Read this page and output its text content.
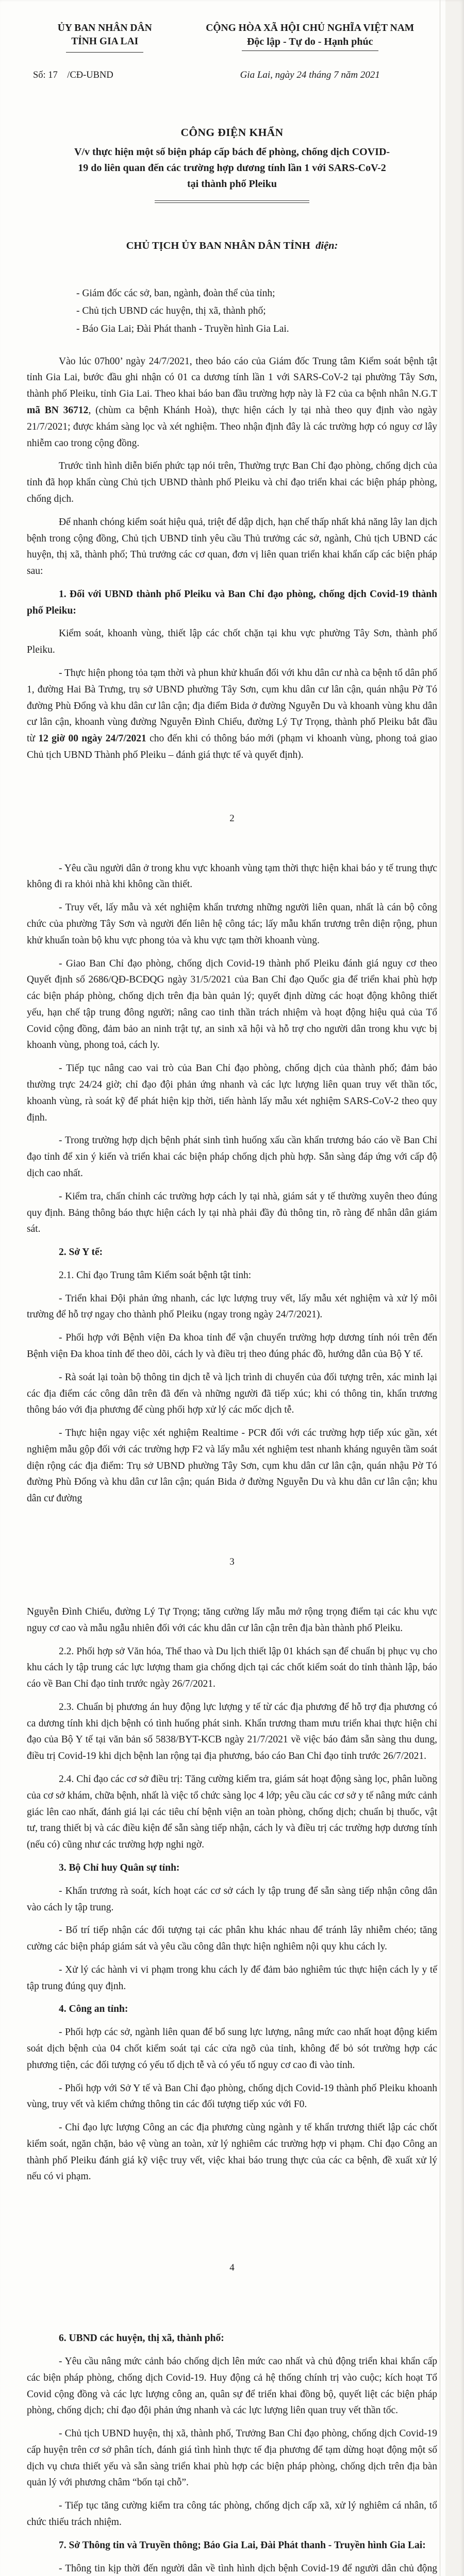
ỦY BAN NHÂN DÂN
TỈNH GIA LAI
Số: 17    /CĐ-UBND
CỘNG HÒA XÃ HỘI CHỦ NGHĨA VIỆT NAM
Độc lập - Tự do - Hạnh phúc
Gia Lai, ngày 24 tháng 7 năm 2021
CÔNG ĐIỆN KHẨN
V/v thực hiện một số biện pháp cấp bách để phòng, chống dịch COVID-19 do liên quan đến các trường hợp dương tính lần 1 với SARS-CoV-2 tại thành phố Pleiku
CHỦ TỊCH ỦY BAN NHÂN DÂN TỈNH điện:
- Giám đốc các sở, ban, ngành, đoàn thể của tỉnh;
- Chủ tịch UBND các huyện, thị xã, thành phố;
- Báo Gia Lai; Đài Phát thanh - Truyền hình Gia Lai.
Vào lúc 07h00’ ngày 24/7/2021, theo báo cáo của Giám đốc Trung tâm Kiểm soát bệnh tật tỉnh Gia Lai, bước đầu ghi nhận có 01 ca dương tính lần 1 với SARS-CoV-2 tại phường Tây Sơn, thành phố Pleiku, tỉnh Gia Lai. Theo khai báo ban đầu trường hợp này là F2 của ca bệnh nhân N.G.T mã BN 36712, (chùm ca bệnh Khánh Hoà), thực hiện cách ly tại nhà theo quy định vào ngày 21/7/2021; được khám sàng lọc và xét nghiệm. Theo nhận định đây là các trường hợp có nguy cơ lây nhiễm cao trong cộng đồng.
Trước tình hình diễn biến phức tạp nói trên, Thường trực Ban Chỉ đạo phòng, chống dịch của tỉnh đã họp khẩn cùng Chủ tịch UBND thành phố Pleiku và chỉ đạo triển khai các biện pháp phòng, chống dịch.
Để nhanh chóng kiểm soát hiệu quả, triệt để dập dịch, hạn chế thấp nhất khả năng lây lan dịch bệnh trong cộng đồng, Chủ tịch UBND tỉnh yêu cầu Thủ trưởng các sở, ngành, Chủ tịch UBND các huyện, thị xã, thành phố; Thủ trưởng các cơ quan, đơn vị liên quan triển khai khẩn cấp các biện pháp sau:
1. Đối với UBND thành phố Pleiku và Ban Chỉ đạo phòng, chống dịch Covid-19 thành phố Pleiku:
Kiểm soát, khoanh vùng, thiết lập các chốt chặn tại khu vực phường Tây Sơn, thành phố Pleiku.
- Thực hiện phong tỏa tạm thời và phun khử khuẩn đối với khu dân cư nhà ca bệnh tổ dân phố 1, đường Hai Bà Trưng, trụ sở UBND phường Tây Sơn, cụm khu dân cư lân cận, quán nhậu Pờ Tó đường Phù Đổng và khu dân cư lân cận; địa điểm Bida ở đường Nguyễn Du và khoanh vùng khu dân cư lân cận, khoanh vùng đường Nguyễn Đình Chiểu, đường Lý Tự Trọng, thành phố Pleiku bắt đầu từ 12 giờ 00 ngày 24/7/2021 cho đến khi có thông báo mới (phạm vi khoanh vùng, phong toả giao Chủ tịch UBND Thành phố Pleiku – đánh giá thực tế và quyết định).
2
- Yêu cầu người dân ở trong khu vực khoanh vùng tạm thời thực hiện khai báo y tế trung thực không đi ra khỏi nhà khi không cần thiết.
- Truy vết, lấy mẫu và xét nghiệm khẩn trương những người liên quan, nhất là cán bộ công chức của phường Tây Sơn và người đến liên hệ công tác; lấy mẫu khẩn trương trên diện rộng, phun khử khuẩn toàn bộ khu vực phong tỏa và khu vực tạm thời khoanh vùng.
- Giao Ban Chỉ đạo phòng, chống dịch Covid-19 thành phố Pleiku đánh giá nguy cơ theo Quyết định số 2686/QĐ-BCĐQG ngày 31/5/2021 của Ban Chỉ đạo Quốc gia để triển khai phù hợp các biện pháp phòng, chống dịch trên địa bàn quản lý; quyết định dừng các hoạt động không thiết yếu, hạn chế tập trung đông người; nâng cao tinh thần trách nhiệm và hoạt động hiệu quả của Tổ Covid cộng đồng, đảm bảo an ninh trật tự, an sinh xã hội và hỗ trợ cho người dân trong khu vực bị khoanh vùng, phong toả, cách ly.
- Tiếp tục nâng cao vai trò của Ban Chỉ đạo phòng, chống dịch của thành phố; đảm bảo thường trực 24/24 giờ; chỉ đạo đội phản ứng nhanh và các lực lượng liên quan truy vết thần tốc, khoanh vùng, rà soát kỹ để phát hiện kịp thời, tiến hành lấy mẫu xét nghiệm SARS-CoV-2 theo quy định.
- Trong trường hợp dịch bệnh phát sinh tình huống xấu cần khẩn trương báo cáo về Ban Chỉ đạo tỉnh để xin ý kiến và triển khai các biện pháp chống dịch phù hợp. Sẵn sàng đáp ứng với cấp độ dịch cao nhất.
- Kiểm tra, chấn chỉnh các trường hợp cách ly tại nhà, giám sát y tế thường xuyên theo đúng quy định. Bảng thông báo thực hiện cách ly tại nhà phải đầy đủ thông tin, rõ ràng để nhân dân giám sát.
2. Sở Y tế:
2.1. Chỉ đạo Trung tâm Kiểm soát bệnh tật tỉnh:
- Triển khai Đội phản ứng nhanh, các lực lượng truy vết, lấy mẫu xét nghiệm và xử lý môi trường để hỗ trợ ngay cho thành phố Pleiku (ngay trong ngày 24/7/2021).
- Phối hợp với Bệnh viện Đa khoa tỉnh để vận chuyển trường hợp dương tính nói trên đến Bệnh viện Đa khoa tỉnh để theo dõi, cách ly và điều trị theo đúng phác đồ, hướng dẫn của Bộ Y tế.
- Rà soát lại toàn bộ thông tin dịch tễ và lịch trình di chuyển của đối tượng trên, xác minh lại các địa điểm các công dân trên đã đến và những người đã tiếp xúc; khi có thông tin, khẩn trương thông báo với địa phương để cùng phối hợp xử lý các mốc dịch tễ.
- Thực hiện ngay việc xét nghiệm Realtime - PCR đối với các trường hợp tiếp xúc gần, xét nghiệm mẫu gộp đối với các trường hợp F2 và lấy mẫu xét nghiệm test nhanh kháng nguyên tầm soát diện rộng các địa điểm: Trụ sở UBND phường Tây Sơn, cụm khu dân cư lân cận, quán nhậu Pờ Tó đường Phù Đổng và khu dân cư lân cận; quán Bida ở đường Nguyễn Du và khu dân cư lân cận; khu dân cư đường
3
Nguyễn Đình Chiểu, đường Lý Tự Trọng; tăng cường lấy mẫu mở rộng trọng điểm tại các khu vực nguy cơ cao và mẫu ngẫu nhiên đối với các khu dân cư lân cận trên địa bàn thành phố Pleiku.
2.2. Phối hợp sở Văn hóa, Thể thao và Du lịch thiết lập 01 khách sạn để chuẩn bị phục vụ cho khu cách ly tập trung các lực lượng tham gia chống dịch tại các chốt kiểm soát do tỉnh thành lập, báo cáo về Ban Chỉ đạo tỉnh trước ngày 26/7/2021.
2.3. Chuẩn bị phương án huy động lực lượng y tế từ các địa phương để hỗ trợ địa phương có ca dương tính khi dịch bệnh có tình huống phát sinh. Khẩn trương tham mưu triển khai thực hiện chỉ đạo của Bộ Y tế tại văn bản số 5838/BYT-KCB ngày 21/7/2021 về việc báo đảm sẵn sàng thu dung, điều trị Covid-19 khi dịch bệnh lan rộng tại địa phương, báo cáo Ban Chỉ đạo tỉnh trước 26/7/2021.
2.4. Chỉ đạo các cơ sở điều trị: Tăng cường kiểm tra, giám sát hoạt động sàng lọc, phân luồng của cơ sở khám, chữa bệnh, nhất là việc tổ chức sàng lọc 4 lớp; yêu cầu các cơ sở y tế nâng mức cảnh giác lên cao nhất, đánh giá lại các tiêu chí bệnh viện an toàn phòng, chống dịch; chuẩn bị thuốc, vật tư, trang thiết bị và các điều kiện để sẵn sàng tiếp nhận, cách ly và điều trị các trường hợp dương tính (nếu có) cũng như các trường hợp nghi ngờ.
3. Bộ Chỉ huy Quân sự tỉnh:
- Khẩn trương rà soát, kích hoạt các cơ sở cách ly tập trung để sẵn sàng tiếp nhận công dân vào cách ly tập trung.
- Bố trí tiếp nhận các đối tượng tại các phân khu khác nhau để tránh lây nhiễm chéo; tăng cường các biện pháp giám sát và yêu cầu công dân thực hiện nghiêm nội quy khu cách ly.
- Xử lý các hành vi vi phạm trong khu cách ly để đảm bảo nghiêm túc thực hiện cách ly y tế tập trung đúng quy định.
4. Công an tỉnh:
- Phối hợp các sở, ngành liên quan để bổ sung lực lượng, nâng mức cao nhất hoạt động kiểm soát dịch bệnh của 04 chốt kiểm soát tại các cửa ngõ của tỉnh, không để bỏ sót trường hợp các phương tiện, các đối tượng có yếu tố dịch tễ và có yếu tố nguy cơ cao đi vào tỉnh.
- Phối hợp với Sở Y tế và Ban Chỉ đạo phòng, chống dịch Covid-19 thành phố Pleiku khoanh vùng, truy vết và kiểm chứng thông tin các đối tượng tiếp xúc với F0.
- Chỉ đạo lực lượng Công an các địa phương cùng ngành y tế khẩn trương thiết lập các chốt kiểm soát, ngăn chặn, bảo vệ vùng an toàn, xử lý nghiêm các trường hợp vi phạm. Chỉ đạo Công an thành phố Pleiku đánh giá kỹ việc truy vết, việc khai báo trung thực của các ca bệnh, đề xuất xử lý nếu có vi phạm.
4
6. UBND các huyện, thị xã, thành phố:
- Yêu cầu nâng mức cảnh báo chống dịch lên mức cao nhất và chủ động triển khai khẩn cấp các biện pháp phòng, chống dịch Covid-19. Huy động cả hệ thống chính trị vào cuộc; kích hoạt Tổ Covid cộng đồng và các lực lượng công an, quân sự để triển khai đồng bộ, quyết liệt các biện pháp phòng, chống dịch; chỉ đạo đội phản ứng nhanh và các lực lượng liên quan truy vết thần tốc.
- Chủ tịch UBND huyện, thị xã, thành phố, Trưởng Ban Chỉ đạo phòng, chống dịch Covid-19 cấp huyện trên cơ sở phân tích, đánh giá tình hình thực tế địa phương để tạm dừng hoạt động một số dịch vụ chưa thiết yếu và sẵn sàng triển khai phù hợp các biện pháp phòng, chống dịch trên địa bàn quản lý với phương châm “bốn tại chỗ”.
- Tiếp tục tăng cường kiểm tra công tác phòng, chống dịch cấp xã, xử lý nghiêm cá nhân, tổ chức thiếu trách nhiệm.
7. Sở Thông tin và Truyền thông; Báo Gia Lai, Đài Phát thanh - Truyền hình Gia Lai:
- Thông tin kịp thời đến người dân về tình hình dịch bệnh Covid-19 để người dân chủ động
